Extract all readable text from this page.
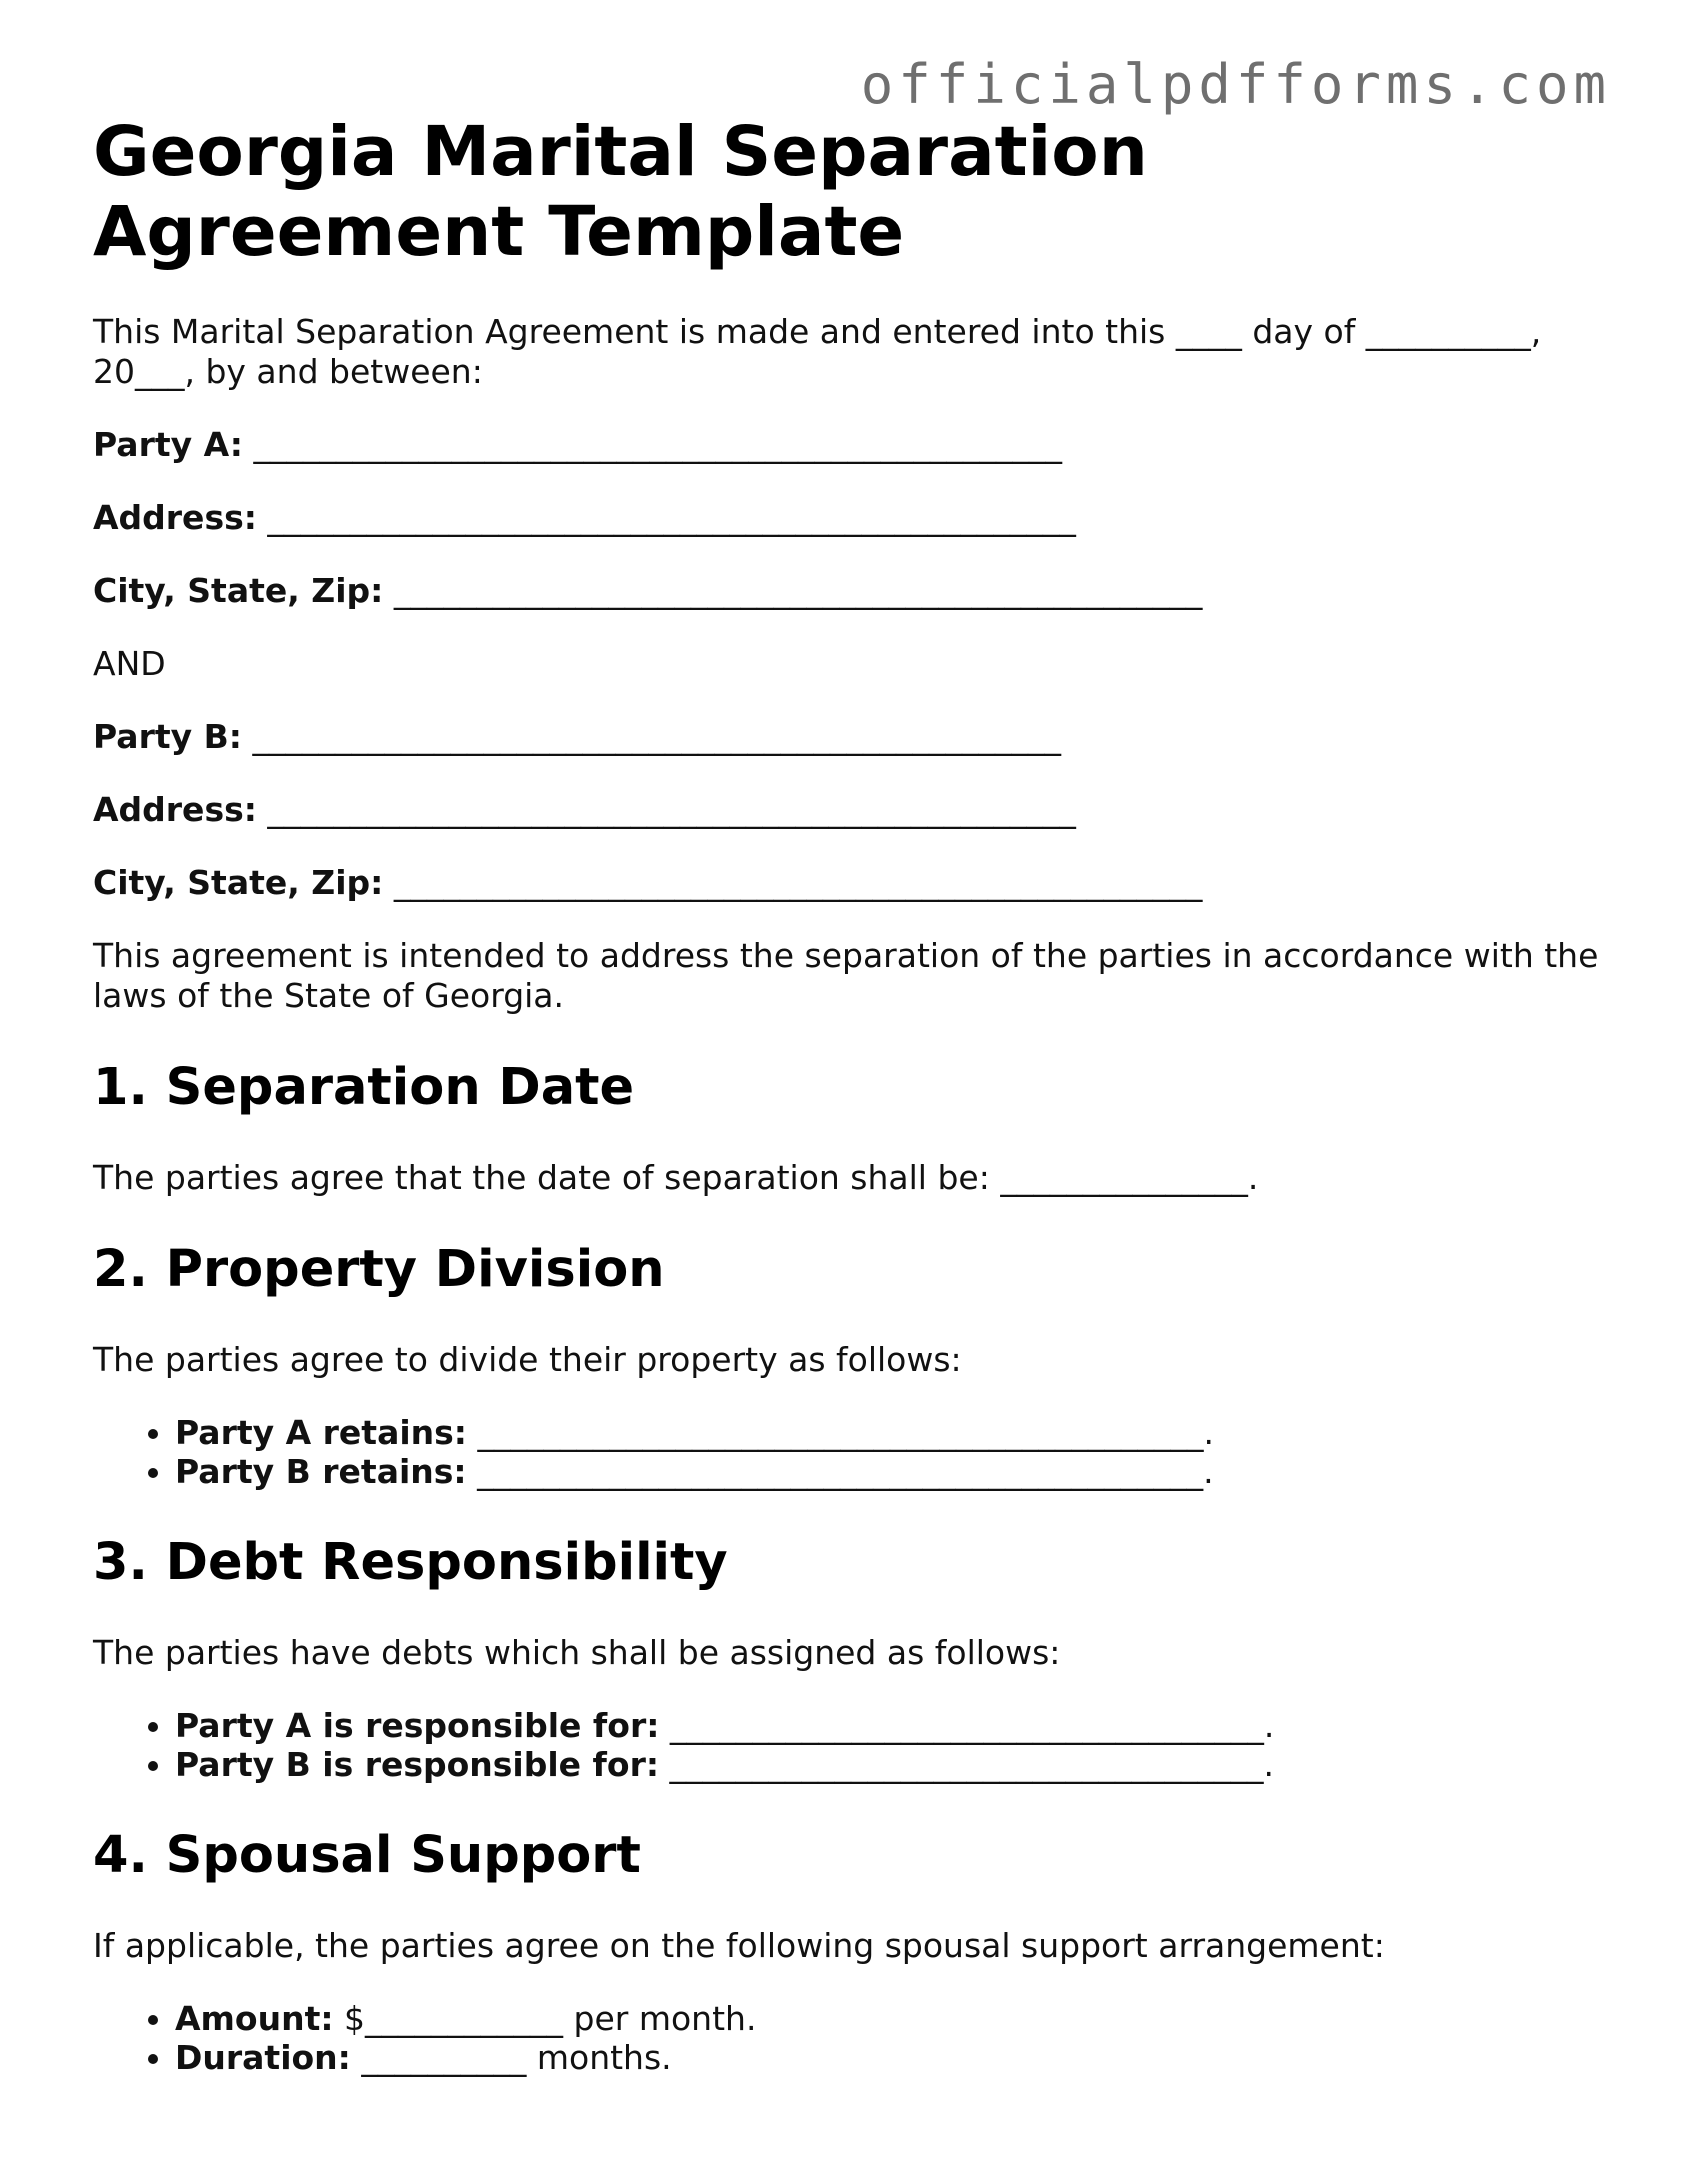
officialpdfforms.com
Georgia Marital Separation Agreement Template

This Marital Separation Agreement is made and entered into this ____ day of __________, 20___, by and between:

Party A: _________________________________________________

Address: _________________________________________________

City, State, Zip: _________________________________________________

AND

Party B: _________________________________________________

Address: _________________________________________________

City, State, Zip: _________________________________________________

This agreement is intended to address the separation of the parties in accordance with the laws of the State of Georgia.

1. Separation Date

The parties agree that the date of separation shall be: _______________.

2. Property Division

The parties agree to divide their property as follows:

• Party A retains: ____________________________________________.
• Party B retains: ____________________________________________.
3. Debt Responsibility

The parties have debts which shall be assigned as follows:

• Party A is responsible for: ____________________________________.
• Party B is responsible for: ____________________________________.
4. Spousal Support

If applicable, the parties agree on the following spousal support arrangement:

• Amount: $____________ per month.
• Duration: __________ months.
